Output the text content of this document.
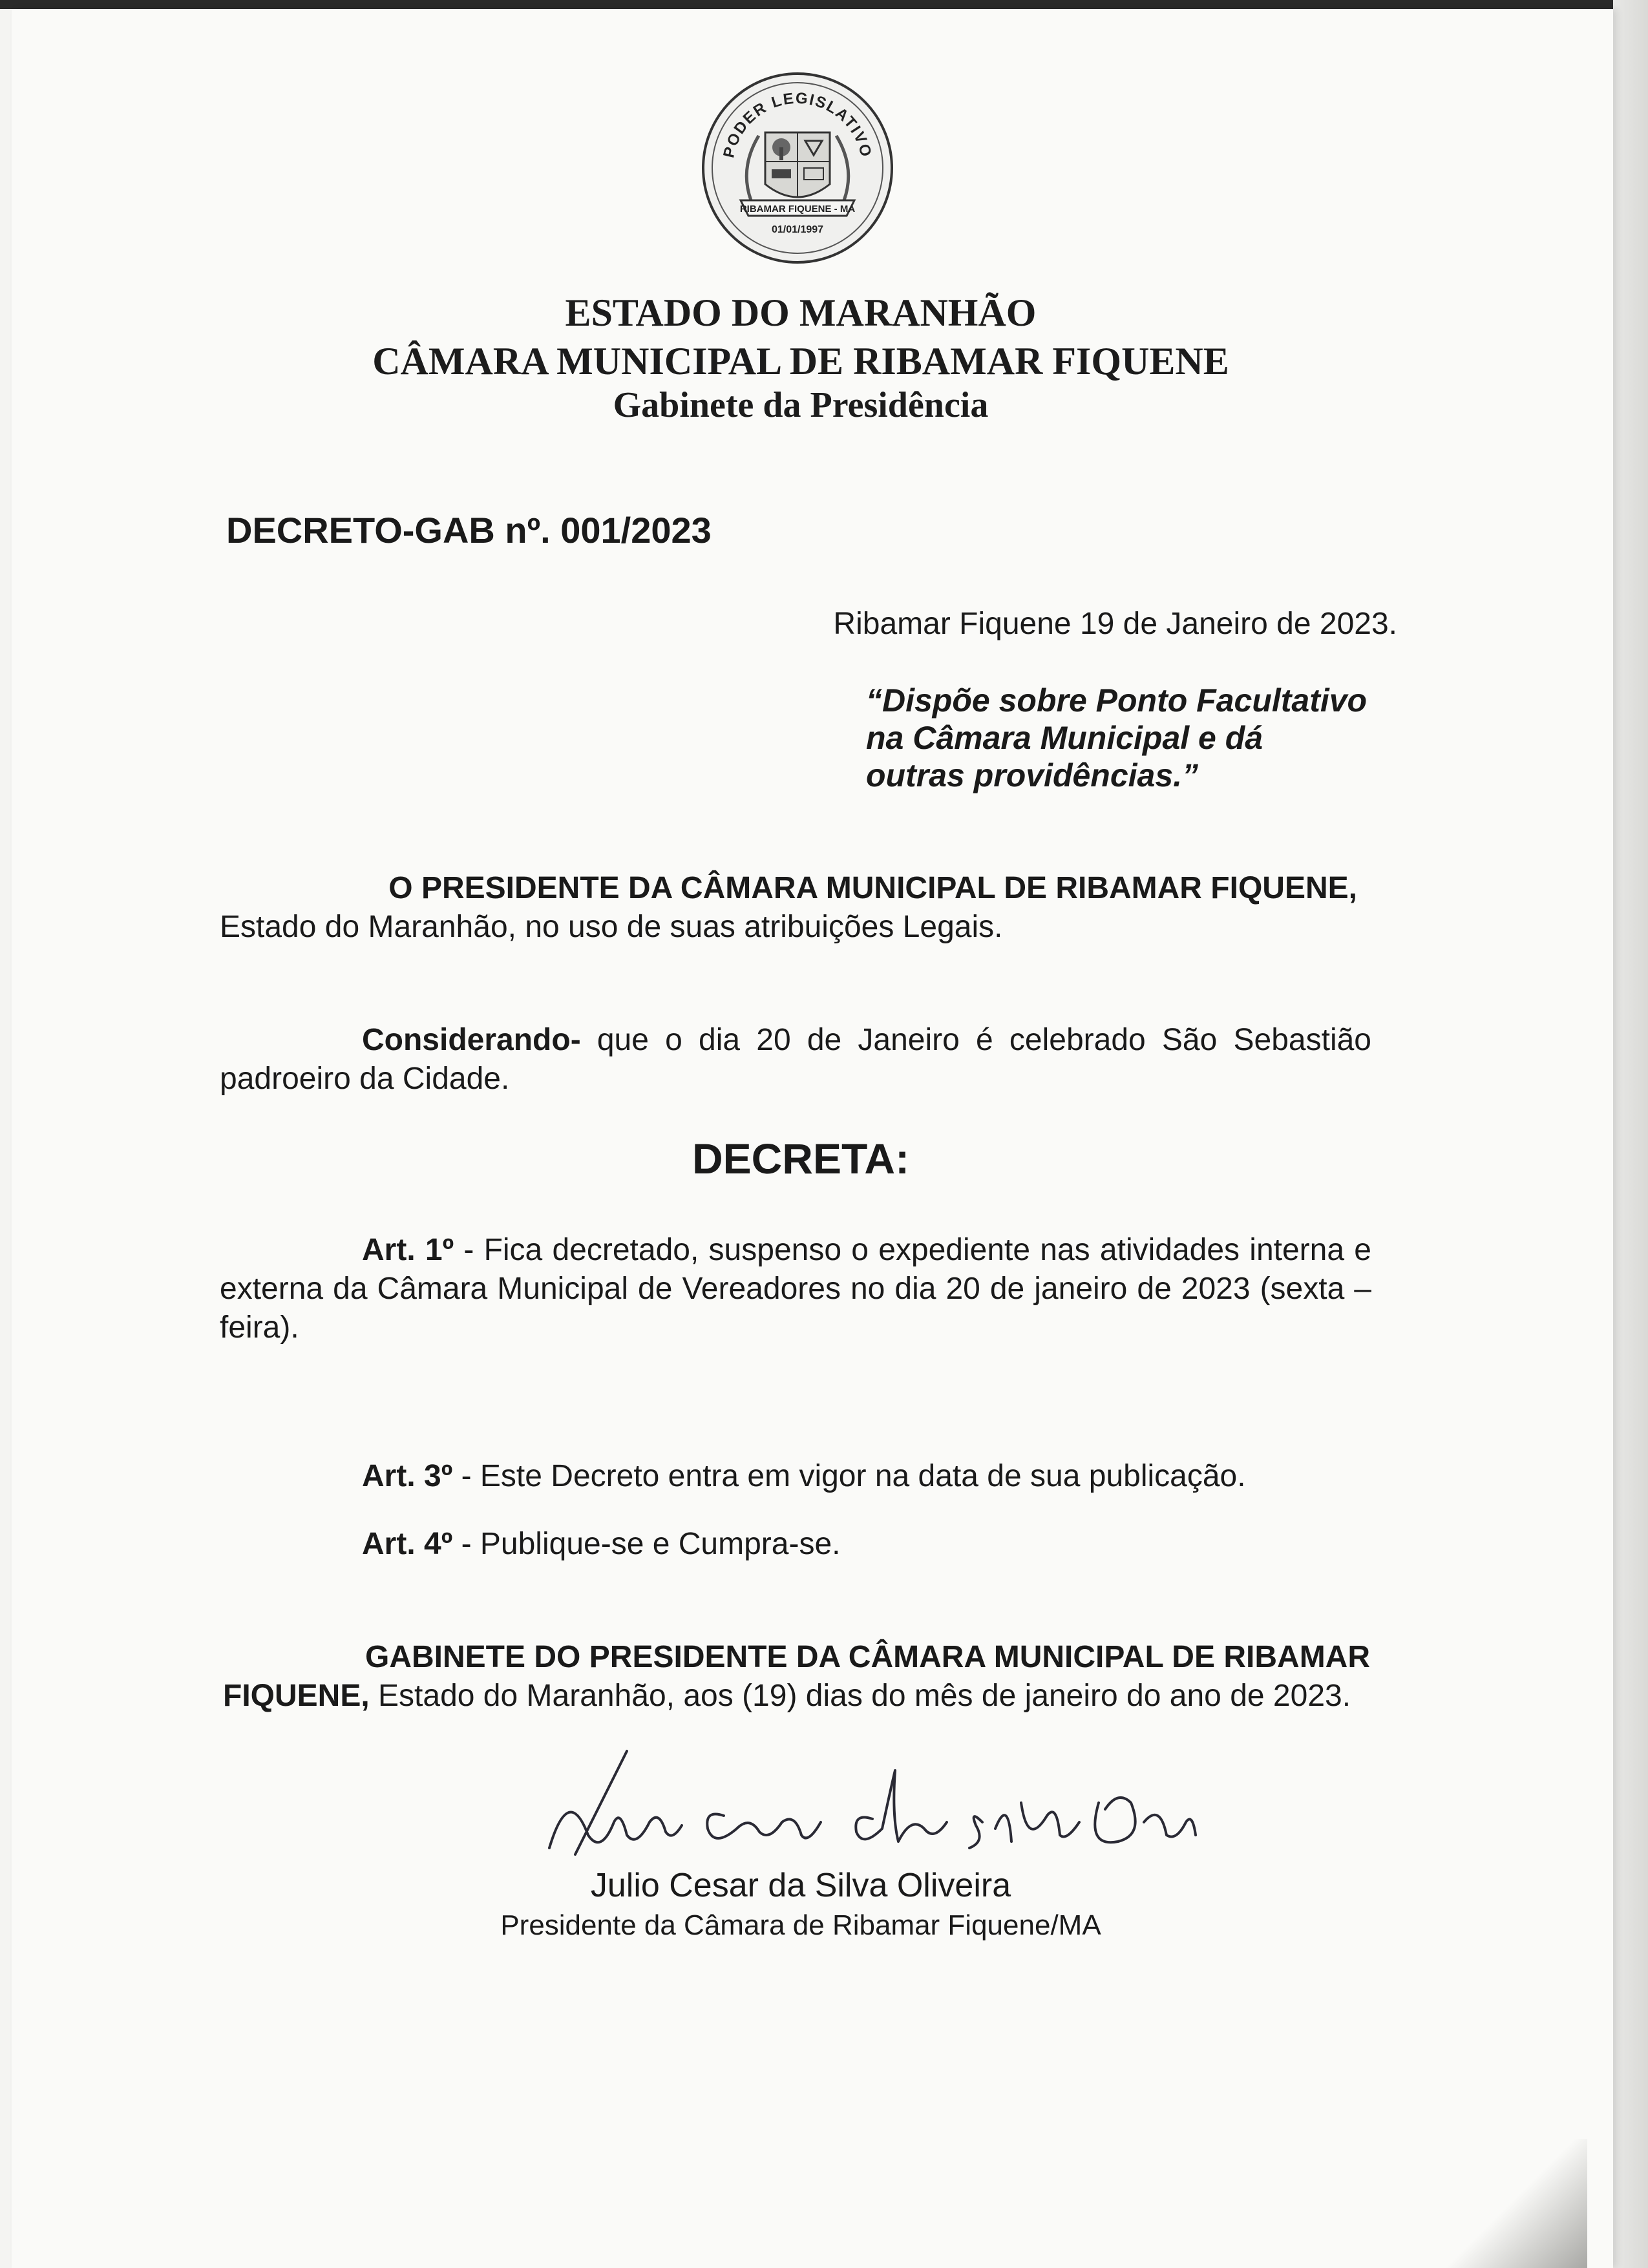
PODER LEGISLATIVO
RIBAMAR FIQUENE - MA
01/01/1997
ESTADO DO MARANHÃO
CÂMARA MUNICIPAL DE RIBAMAR FIQUENE
Gabinete da Presidência
DECRETO-GAB nº. 001/2023
Ribamar Fiquene 19 de Janeiro de 2023.
“Dispõe sobre Ponto Facultativo
na Câmara Municipal e dá
outras providências.”
O PRESIDENTE DA CÂMARA MUNICIPAL DE RIBAMAR FIQUENE,
Estado do Maranhão, no uso de suas atribuições Legais.
Considerando- que o dia 20 de Janeiro é celebrado São Sebastião padroeiro da Cidade.
DECRETA:
Art. 1º - Fica decretado, suspenso o expediente nas atividades interna e externa da Câmara Municipal de Vereadores no dia 20 de janeiro de 2023 (sexta – feira).
Art. 3º - Este Decreto entra em vigor na data de sua publicação.
Art. 4º - Publique-se e Cumpra-se.
GABINETE DO PRESIDENTE DA CÂMARA MUNICIPAL DE RIBAMAR FIQUENE, Estado do Maranhão, aos (19) dias do mês de janeiro do ano de 2023.
Julio Cesar da Silva Oliveira
Presidente da Câmara de Ribamar Fiquene/MA
